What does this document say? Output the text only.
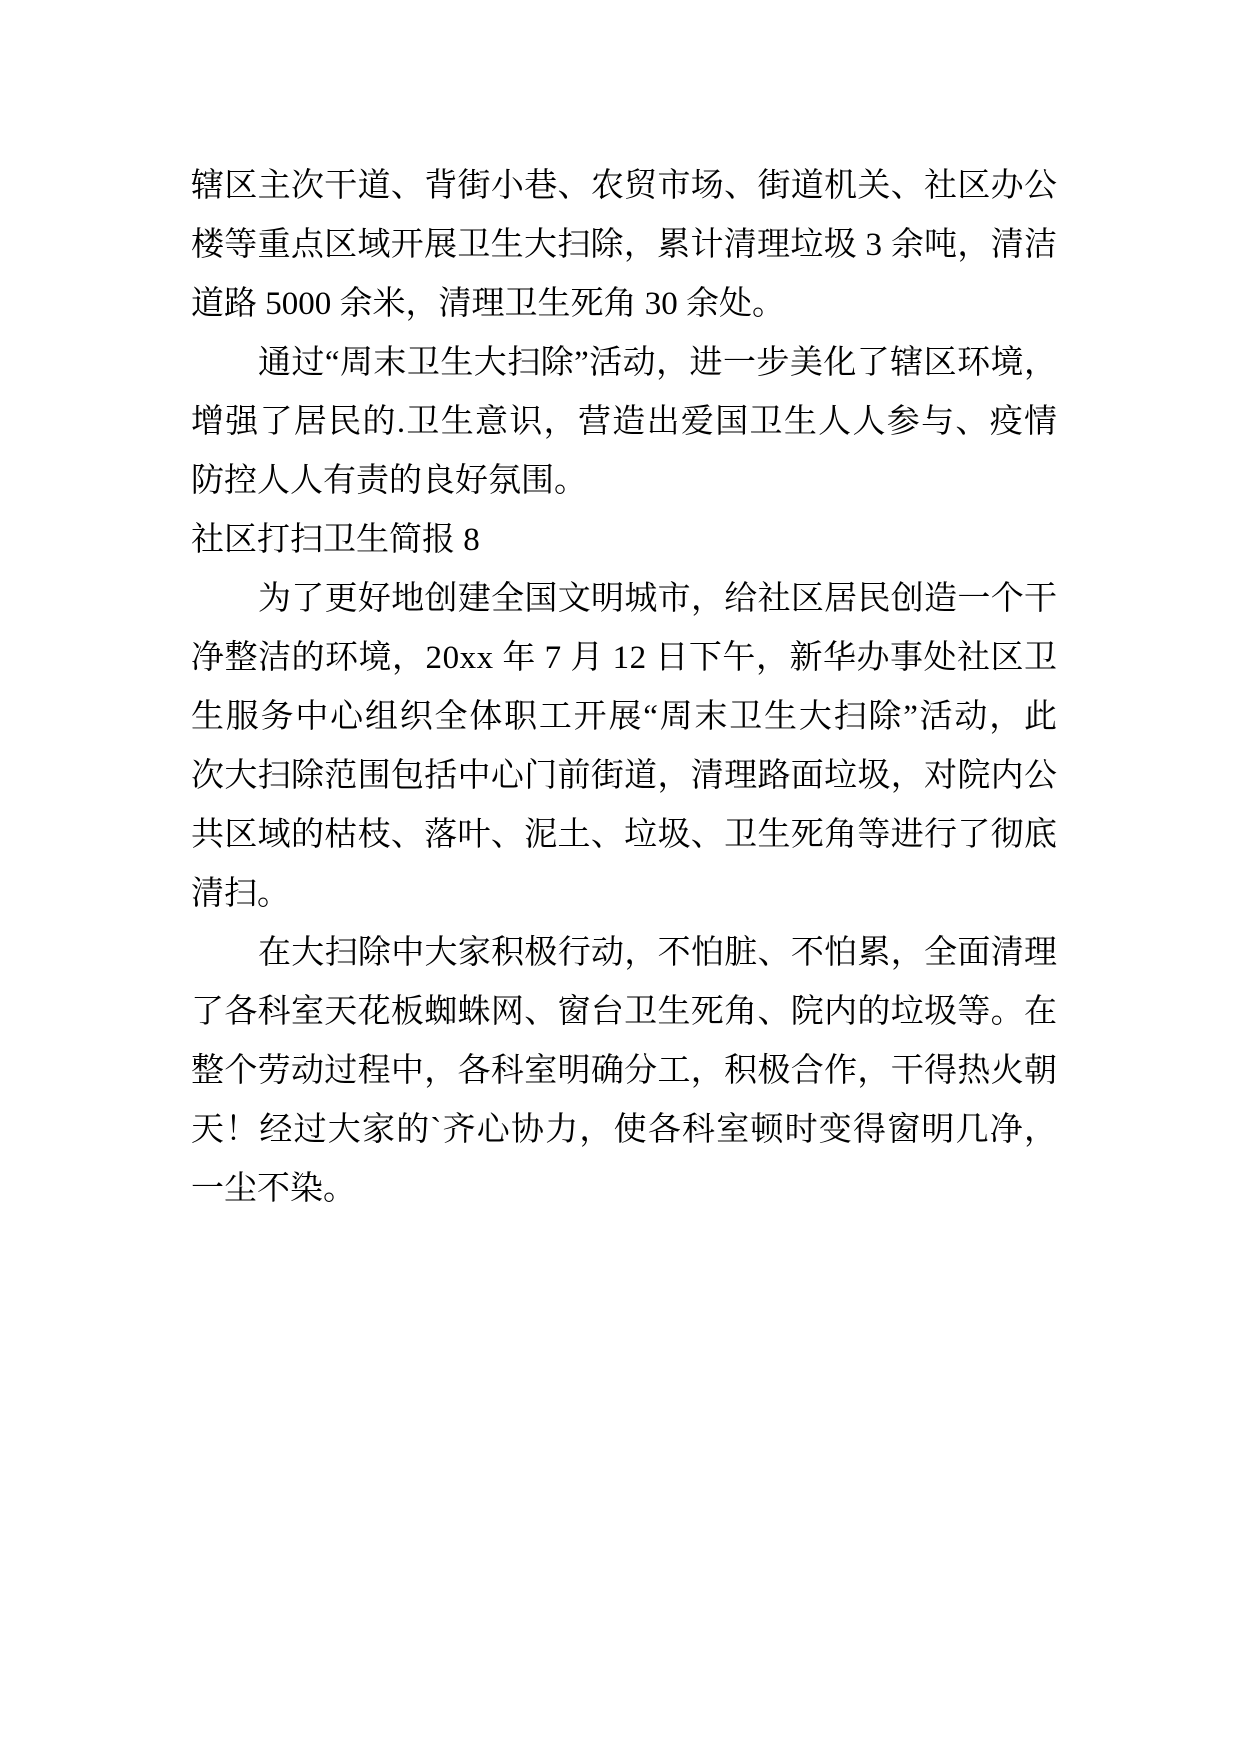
辖区主次干道、背街小巷、农贸市场、街道机关、社区办公
楼等重点区域开展卫生大扫除，累计清理垃圾 3 余吨，清洁
道路 5000 余米，清理卫生死角 30 余处。
通过“周末卫生大扫除”活动，进一步美化了辖区环境，
增强了居民的.卫生意识，营造出爱国卫生人人参与、疫情
防控人人有责的良好氛围。
社区打扫卫生简报 8
为了更好地创建全国文明城市，给社区居民创造一个干
净整洁的环境，20xx 年 7 月 12 日下午，新华办事处社区卫
生服务中心组织全体职工开展“周末卫生大扫除”活动，此
次大扫除范围包括中心门前街道，清理路面垃圾，对院内公
共区域的枯枝、落叶、泥土、垃圾、卫生死角等进行了彻底
清扫。
在大扫除中大家积极行动，不怕脏、不怕累，全面清理
了各科室天花板蜘蛛网、窗台卫生死角、院内的垃圾等。在
整个劳动过程中，各科室明确分工，积极合作，干得热火朝
天！经过大家的`齐心协力，使各科室顿时变得窗明几净，
一尘不染。
